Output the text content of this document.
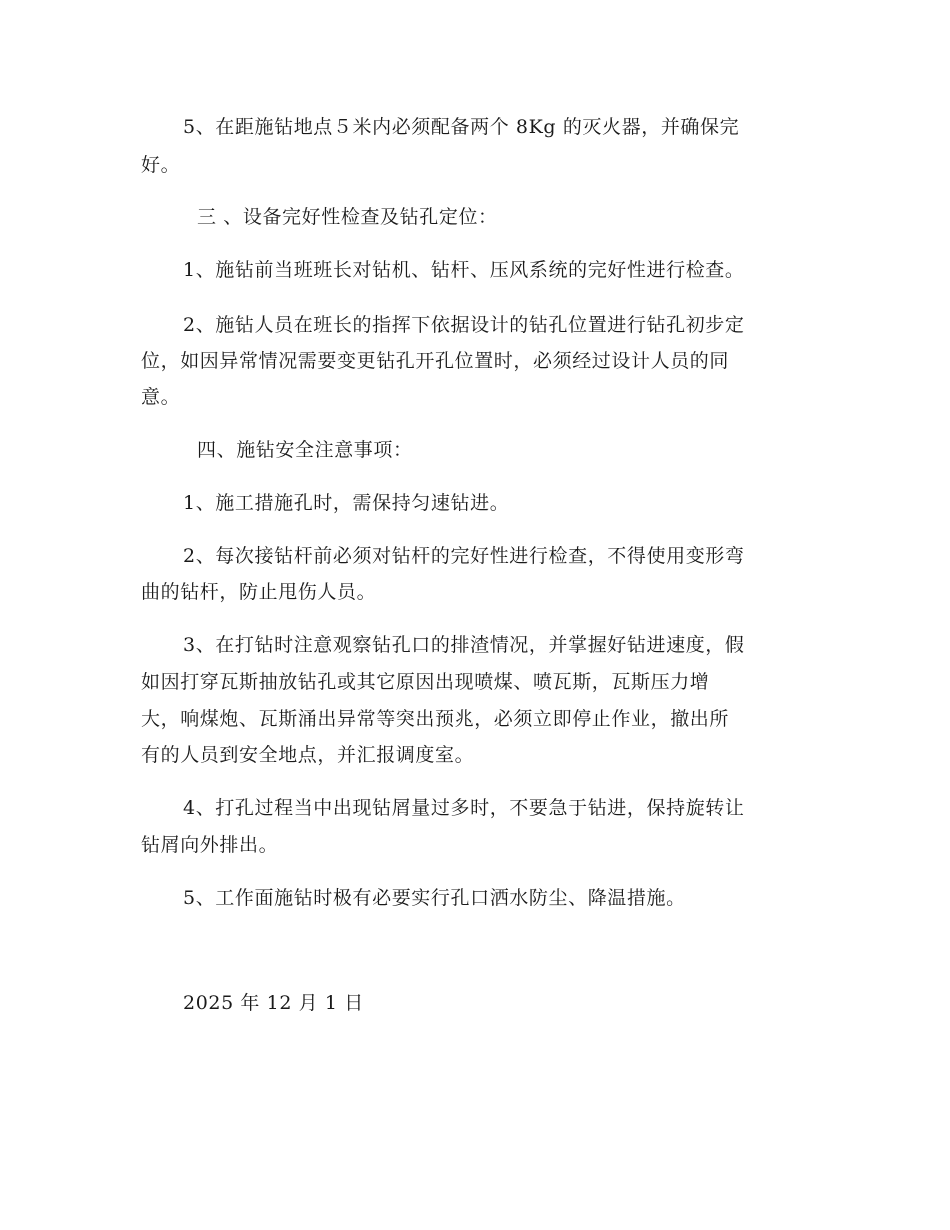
5、在距施钻地点５米内必须配备两个 8Kg 的灭火器，并确保完
好。
三 、设备完好性检查及钻孔定位：
1、施钻前当班班长对钻机、钻杆、压风系统的完好性进行检查。
2、施钻人员在班长的指挥下依据设计的钻孔位置进行钻孔初步定
位，如因异常情况需要变更钻孔开孔位置时，必须经过设计人员的同
意。
四、施钻安全注意事项：
1、施工措施孔时，需保持匀速钻进。
2、每次接钻杆前必须对钻杆的完好性进行检查，不得使用变形弯
曲的钻杆，防止甩伤人员。
3、在打钻时注意观察钻孔口的排渣情况，并掌握好钻进速度，假
如因打穿瓦斯抽放钻孔或其它原因出现喷煤、喷瓦斯，瓦斯压力增
大，响煤炮、瓦斯涌出异常等突出预兆，必须立即停止作业，撤出所
有的人员到安全地点，并汇报调度室。
4、打孔过程当中出现钻屑量过多时，不要急于钻进，保持旋转让
钻屑向外排出。
5、工作面施钻时极有必要实行孔口洒水防尘、降温措施。
2025 年 12 月 1 日
